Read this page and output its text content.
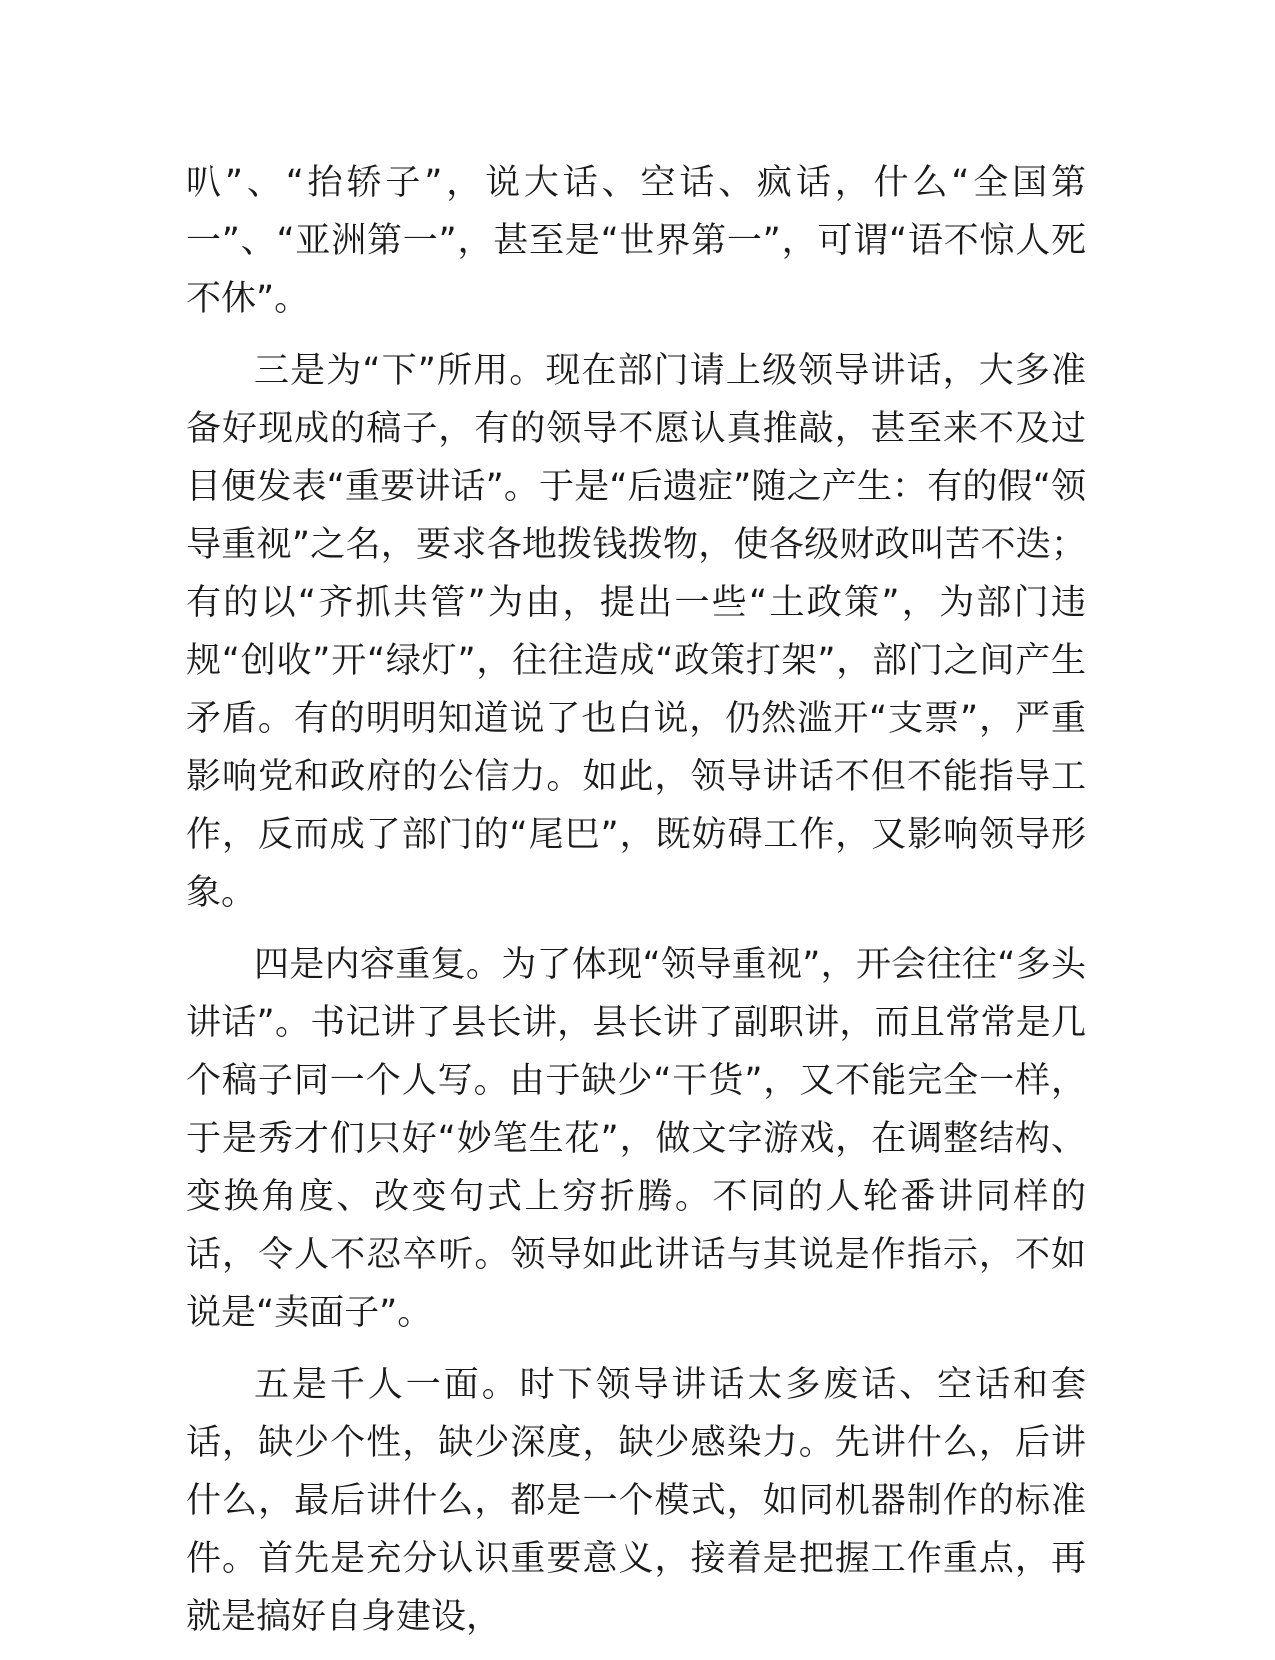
叭”、“抬轿子”，说大话、空话、疯话，什么“全国第一”、“亚洲第一”，甚至是“世界第一”，可谓“语不惊人死不休”。

三是为“下”所用。现在部门请上级领导讲话，大多准备好现成的稿子，有的领导不愿认真推敲，甚至来不及过目便发表“重要讲话”。于是“后遗症”随之产生：有的假“领导重视”之名，要求各地拨钱拨物，使各级财政叫苦不迭；有的以“齐抓共管”为由，提出一些“土政策”，为部门违规“创收”开“绿灯”，往往造成“政策打架”，部门之间产生矛盾。有的明明知道说了也白说，仍然滥开“支票”，严重影响党和政府的公信力。如此，领导讲话不但不能指导工作，反而成了部门的“尾巴”，既妨碍工作，又影响领导形象。

四是内容重复。为了体现“领导重视”，开会往往“多头讲话”。书记讲了县长讲，县长讲了副职讲，而且常常是几个稿子同一个人写。由于缺少“干货”，又不能完全一样，于是秀才们只好“妙笔生花”，做文字游戏，在调整结构、变换角度、改变句式上穷折腾。不同的人轮番讲同样的话，令人不忍卒听。领导如此讲话与其说是作指示，不如说是“卖面子”。

五是千人一面。时下领导讲话太多废话、空话和套话，缺少个性，缺少深度，缺少感染力。先讲什么，后讲什么，最后讲什么，都是一个模式，如同机器制作的标准件。首先是充分认识重要意义，接着是把握工作重点，再就是搞好自身建设，
